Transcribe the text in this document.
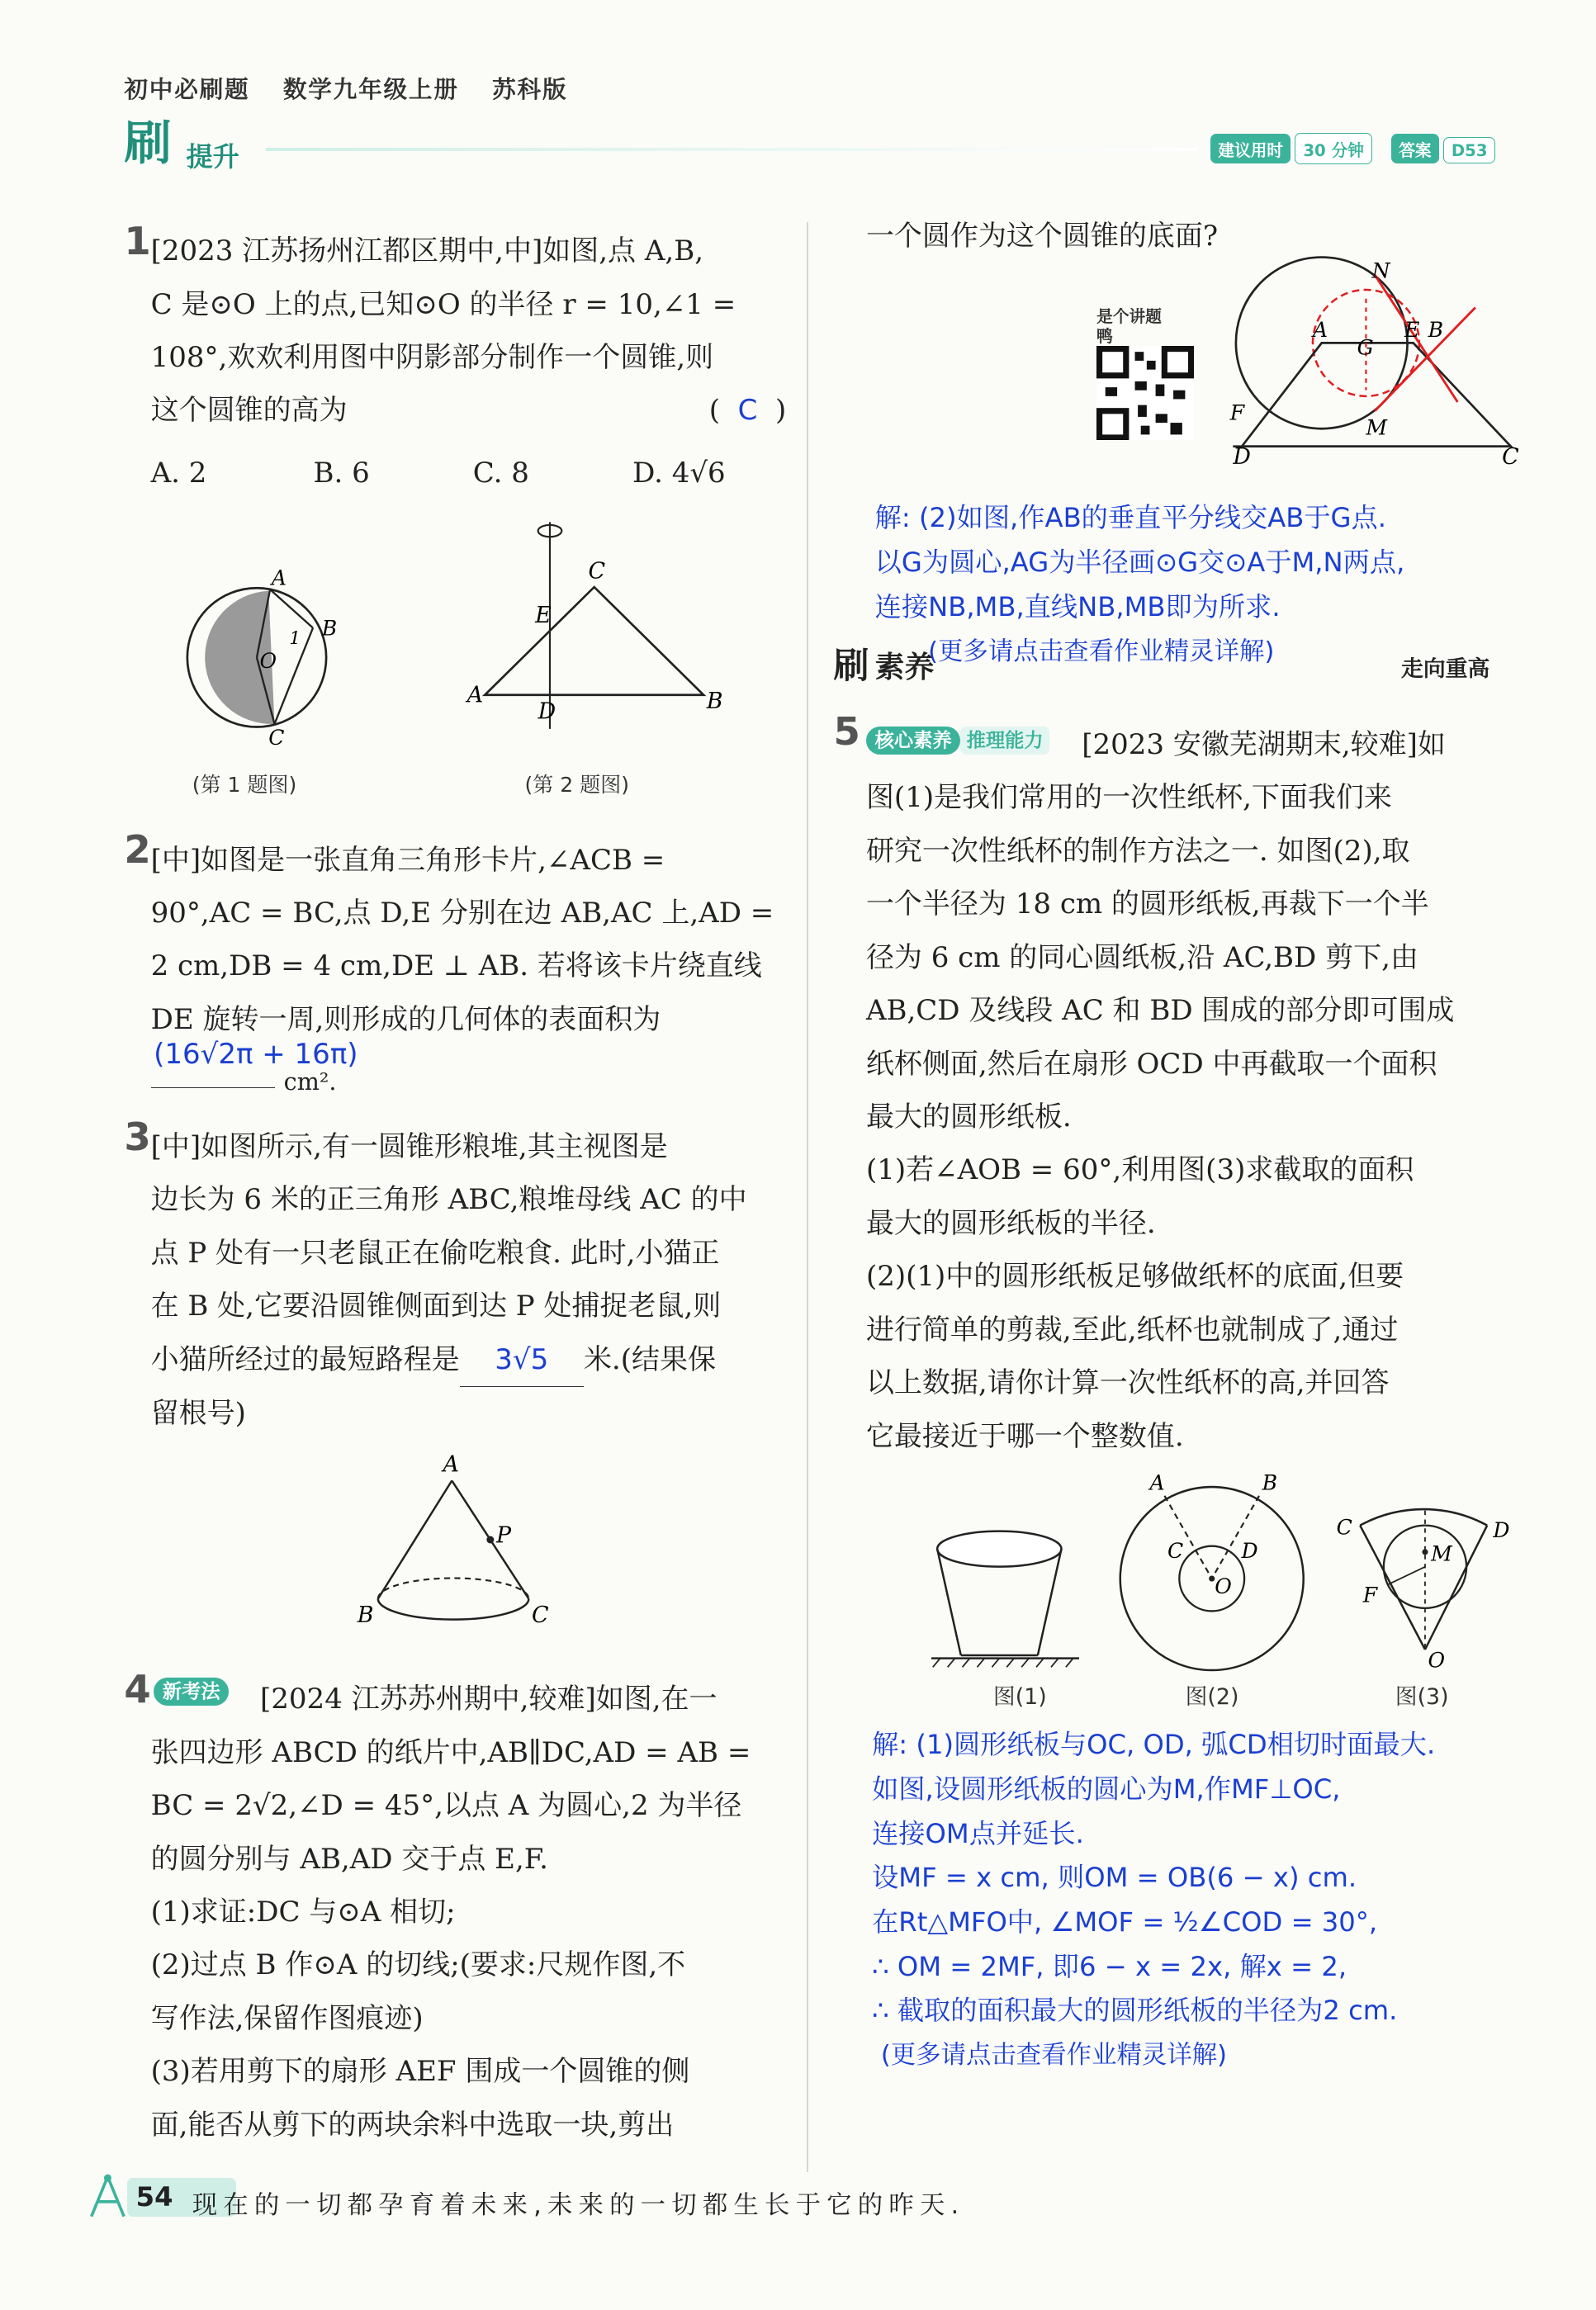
初中必刷题	数学九年级上册	苏科版
刷 提升	建议用时 30 分钟	答案 D53
1 [2023 江苏扬州江都区期中,中]如图,点 A,B,
C 是⊙O 上的点,已知⊙O 的半径 r = 10,∠1 =
108°,欢欢利用图中阴影部分制作一个圆锥,则
这个圆锥的高为	( C )
A. 2	B. 6	C. 8	D. 4√6
A
B
O
C
1
(第 1 题图)
C
E
A
D	B
(第 2 题图)
2 [中]如图是一张直角三角形卡片,∠ACB =
90°,AC = BC,点 D,E 分别在边 AB,AC 上,AD =
2 cm,DB = 4 cm,DE ⊥ AB. 若将该卡片绕直线
DE 旋转一周,则形成的几何体的表面积为
(16√2π + 16π)
cm².
3 [中]如图所示,有一圆锥形粮堆,其主视图是
边长为 6 米的正三角形 ABC,粮堆母线 AC 的中
点 P 处有一只老鼠正在偷吃粮食. 此时,小猫正
在 B 处,它要沿圆锥侧面到达 P 处捕捉老鼠,则
小猫所经过的最短路程是 3√5 米.(结果保
留根号)
A
P
B	C
4	新考法	[2024 江苏苏州期中,较难]如图,在一
张四边形 ABCD 的纸片中,AB∥DC,AD = AB =
BC = 2√2,∠D = 45°,以点 A 为圆心,2 为半径
的圆分别与 AB,AD 交于点 E,F.
(1)求证:DC 与⊙A 相切;
(2)过点 B 作⊙A 的切线;(要求:尺规作图,不
写作法,保留作图痕迹)
(3)若用剪下的扇形 AEF 围成一个圆锥的侧
面,能否从剪下的两块余料中选取一块,剪出
一个圆作为这个圆锥的底面?
是个讲题鸭
N
A
G
E B
F
M
D	C
解: (2)如图,作AB的垂直平分线交AB于G点.
以G为圆心,AG为半径画⊙G交⊙A于M,N两点,
连接NB,MB,直线NB,MB即为所求.
(更多请点击查看作业精灵详解)
刷 素养	走向重高
5	核心素养 推理能力	[2023 安徽芜湖期末,较难]如
图(1)是我们常用的一次性纸杯,下面我们来
研究一次性纸杯的制作方法之一. 如图(2),取
一个半径为 18 cm 的圆形纸板,再裁下一个半
径为 6 cm 的同心圆纸板,沿 AC,BD 剪下,由
AB,CD 及线段 AC 和 BD 围成的部分即可围成
纸杯侧面,然后在扇形 OCD 中再截取一个面积
最大的圆形纸板.
(1)若∠AOB = 60°,利用图(3)求截取的面积
最大的圆形纸板的半径.
(2)(1)中的圆形纸板足够做纸杯的底面,但要
进行简单的剪裁,至此,纸杯也就制成了,通过
以上数据,请你计算一次性纸杯的高,并回答
它最接近于哪一个整数值.
图(1)
A	B
C	D
O
图(2)
C	D
M
F
O
图(3)
解: (1)圆形纸板与OC, OD, 弧CD相切时面最大.
如图,设圆形纸板的圆心为M,作MF⊥OC,
连接OM点并延长.
设MF = x cm, 则OM = OB(6 − x) cm.
在Rt△MFO中, ∠MOF = ½∠COD = 30°,
∴ OM = 2MF, 即6 − x = 2x, 解x = 2,
∴ 截取的面积最大的圆形纸板的半径为2 cm.
(更多请点击查看作业精灵详解)
54 现在的一切都孕育着未来,未来的一切都生长于它的昨天.
